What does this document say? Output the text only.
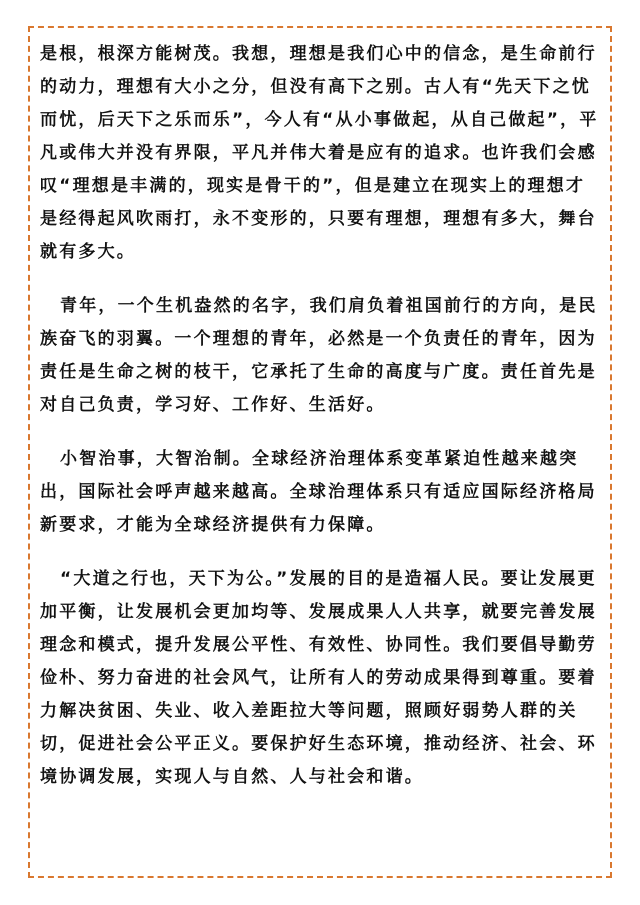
是根，根深方能树茂。我想，理想是我们心中的信念，是生命前行的动力，理想有大小之分，但没有高下之别。古人有“先天下之忧而忧，后天下之乐而乐”，今人有“从小事做起，从自己做起”，平凡或伟大并没有界限，平凡并伟大着是应有的追求。也许我们会感叹“理想是丰满的，现实是骨干的”，但是建立在现实上的理想才是经得起风吹雨打，永不变形的，只要有理想，理想有多大，舞台就有多大。

青年，一个生机盎然的名字，我们肩负着祖国前行的方向，是民族奋飞的羽翼。一个理想的青年，必然是一个负责任的青年，因为责任是生命之树的枝干，它承托了生命的高度与广度。责任首先是对自己负责，学习好、工作好、生活好。

小智治事，大智治制。全球经济治理体系变革紧迫性越来越突出，国际社会呼声越来越高。全球治理体系只有适应国际经济格局新要求，才能为全球经济提供有力保障。

“大道之行也，天下为公。”发展的目的是造福人民。要让发展更加平衡，让发展机会更加均等、发展成果人人共享，就要完善发展理念和模式，提升发展公平性、有效性、协同性。我们要倡导勤劳俭朴、努力奋进的社会风气，让所有人的劳动成果得到尊重。要着力解决贫困、失业、收入差距拉大等问题，照顾好弱势人群的关切，促进社会公平正义。要保护好生态环境，推动经济、社会、环境协调发展，实现人与自然、人与社会和谐。
